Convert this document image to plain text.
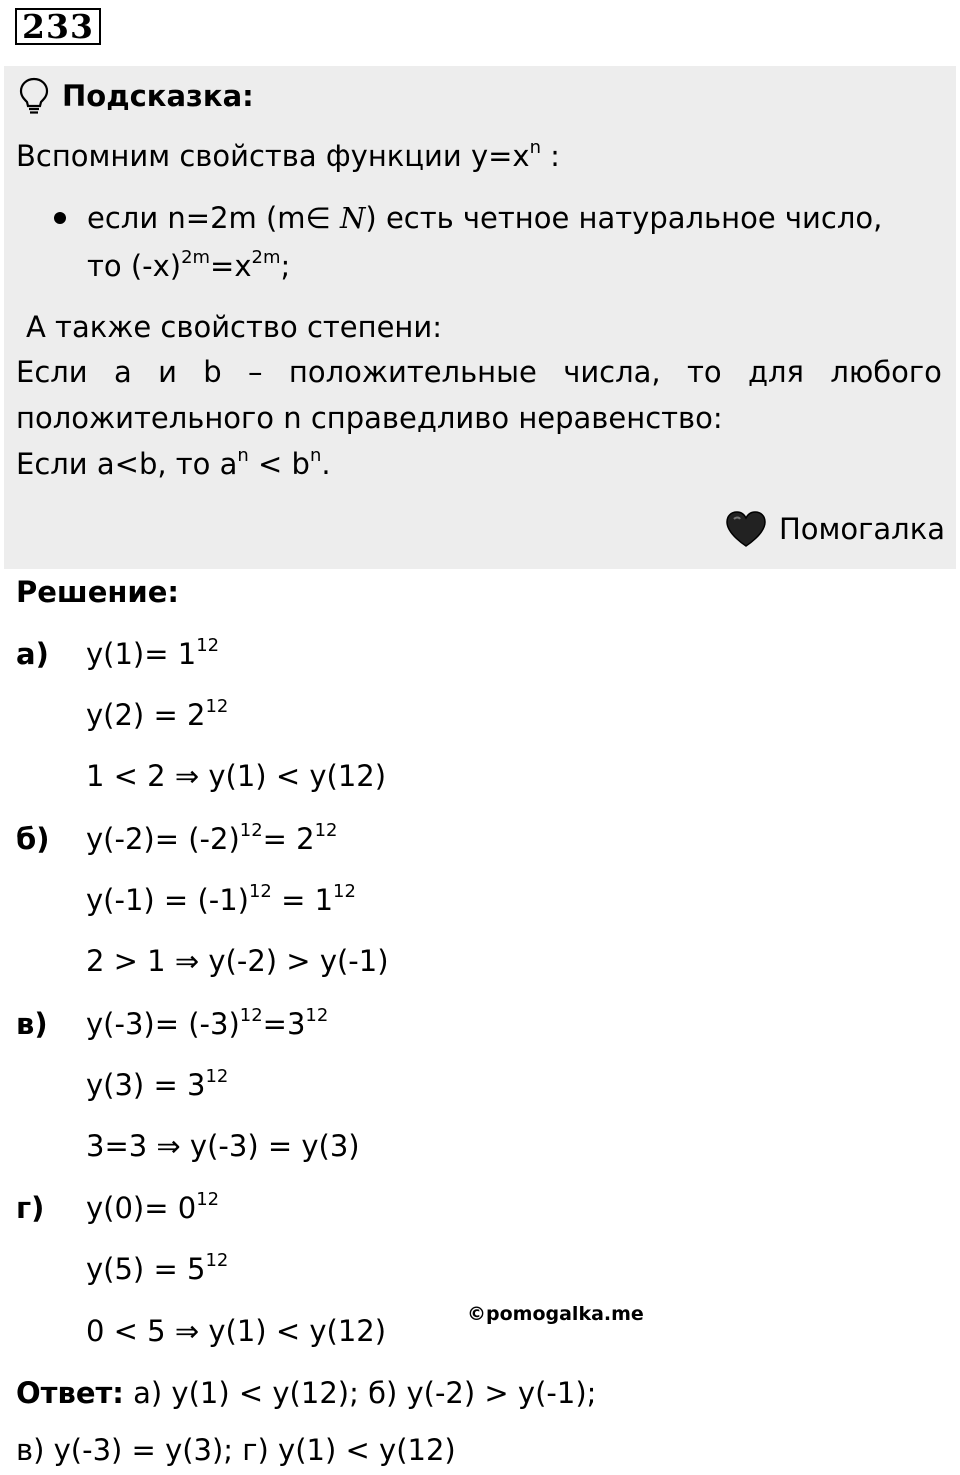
233
Подсказка:
Вспомним свойства функции $y=x^n$ :
если n=2m (m∈ N) есть четное натуральное число,
то $(-x)^{2m}=x^{2m}$;
А также свойство степени:
Если a и b – положительные числа, то для любого
положительного n справедливо неравенство:
Если a<b, то $a^n < b^n$.
Помогалка
Решение:
а) $y(1)= 1^{12}$
$y(2) = 2^{12}$
1 < 2 ⇒ y(1) < y(12)
б) $y(-2)= (-2)^{12}= 2^{12}$
$y(-1) = (-1)^{12} = 1^{12}$
2 > 1 ⇒ y(-2) > y(-1)
в) $y(-3)= (-3)^{12}=3^{12}$
$y(3) = 3^{12}$
3=3 ⇒ y(-3) = y(3)
г) $y(0)= 0^{12}$
$y(5) = 5^{12}$
0 < 5 ⇒ y(1) < y(12)	©pomogalka.me
Ответ: а) y(1) < y(12); б) y(-2) > y(-1);
в) y(-3) = y(3); г) y(1) < y(12)
